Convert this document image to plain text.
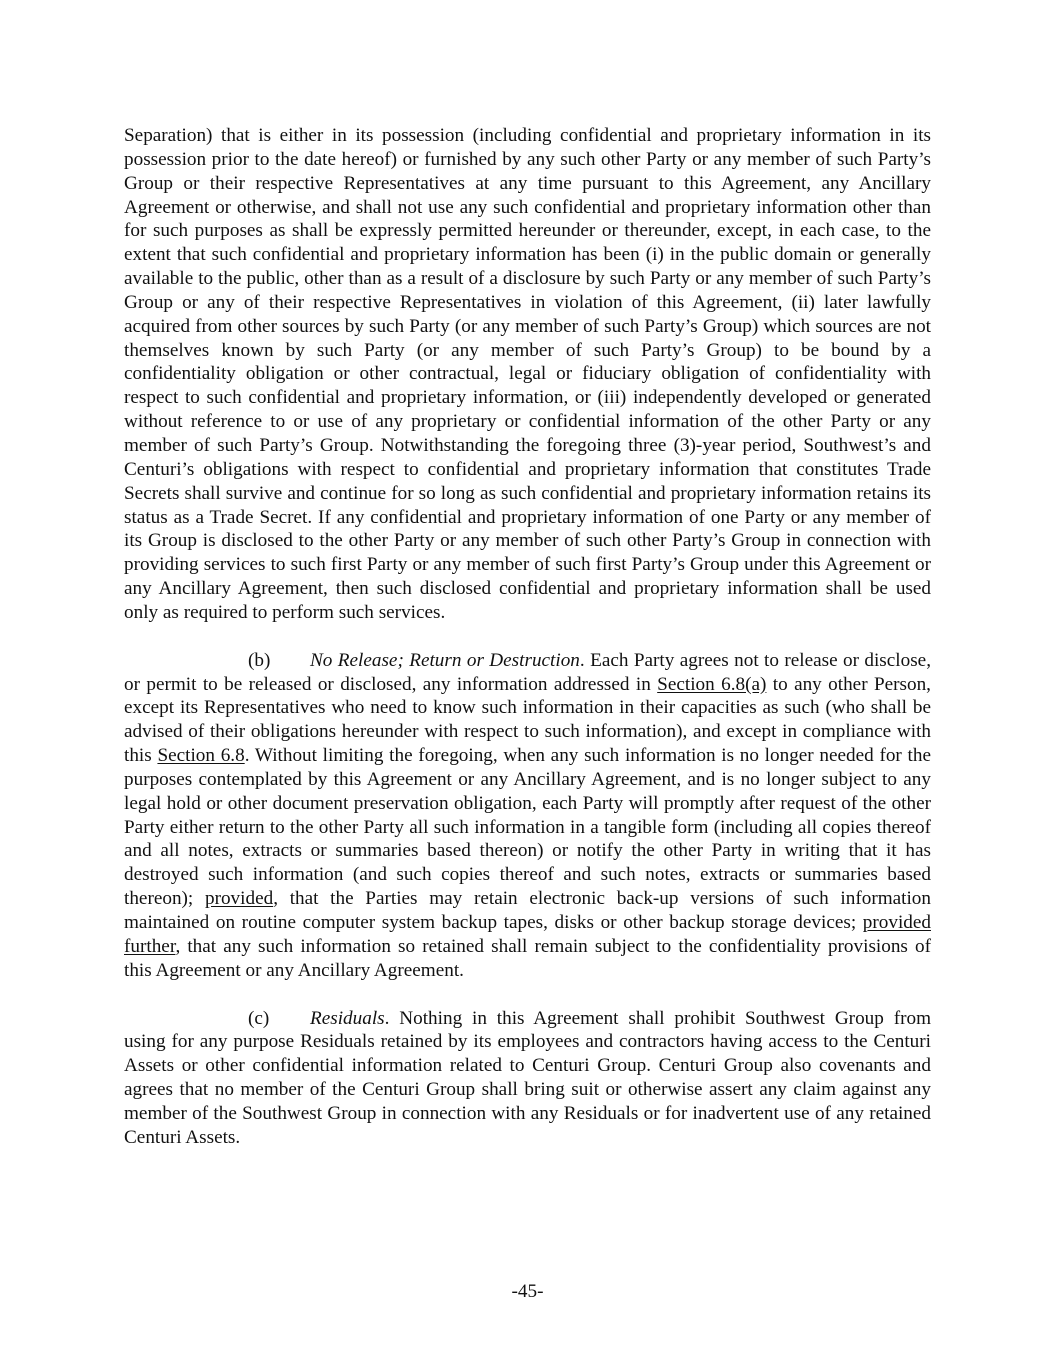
Separation) that is either in its possession (including confidential and proprietary information in its possession prior to the date hereof) or furnished by any such other Party or any member of such Party’s Group or their respective Representatives at any time pursuant to this Agreement, any Ancillary Agreement or otherwise, and shall not use any such confidential and proprietary information other than for such purposes as shall be expressly permitted hereunder or thereunder, except, in each case, to the extent that such confidential and proprietary information has been (i) in the public domain or generally available to the public, other than as a result of a disclosure by such Party or any member of such Party’s Group or any of their respective Representatives in violation of this Agreement, (ii) later lawfully acquired from other sources by such Party (or any member of such Party’s Group) which sources are not themselves known by such Party (or any member of such Party’s Group) to be bound by a confidentiality obligation or other contractual, legal or fiduciary obligation of confidentiality with respect to such confidential and proprietary information, or (iii) independently developed or generated without reference to or use of any proprietary or confidential information of the other Party or any member of such Party’s Group. Notwithstanding the foregoing three (3)-year period, Southwest’s and Centuri’s obligations with respect to confidential and proprietary information that constitutes Trade Secrets shall survive and continue for so long as such confidential and proprietary information retains its status as a Trade Secret. If any confidential and proprietary information of one Party or any member of its Group is disclosed to the other Party or any member of such other Party’s Group in connection with providing services to such first Party or any member of such first Party’s Group under this Agreement or any Ancillary Agreement, then such disclosed confidential and proprietary information shall be used only as required to perform such services.

(b) No Release; Return or Destruction. Each Party agrees not to release or disclose, or permit to be released or disclosed, any information addressed in Section 6.8(a) to any other Person, except its Representatives who need to know such information in their capacities as such (who shall be advised of their obligations hereunder with respect to such information), and except in compliance with this Section 6.8. Without limiting the foregoing, when any such information is no longer needed for the purposes contemplated by this Agreement or any Ancillary Agreement, and is no longer subject to any legal hold or other document preservation obligation, each Party will promptly after request of the other Party either return to the other Party all such information in a tangible form (including all copies thereof and all notes, extracts or summaries based thereon) or notify the other Party in writing that it has destroyed such information (and such copies thereof and such notes, extracts or summaries based thereon); provided, that the Parties may retain electronic back-up versions of such information maintained on routine computer system backup tapes, disks or other backup storage devices; provided further, that any such information so retained shall remain subject to the confidentiality provisions of this Agreement or any Ancillary Agreement.

(c) Residuals. Nothing in this Agreement shall prohibit Southwest Group from using for any purpose Residuals retained by its employees and contractors having access to the Centuri Assets or other confidential information related to Centuri Group. Centuri Group also covenants and agrees that no member of the Centuri Group shall bring suit or otherwise assert any claim against any member of the Southwest Group in connection with any Residuals or for inadvertent use of any retained Centuri Assets.

-45-
